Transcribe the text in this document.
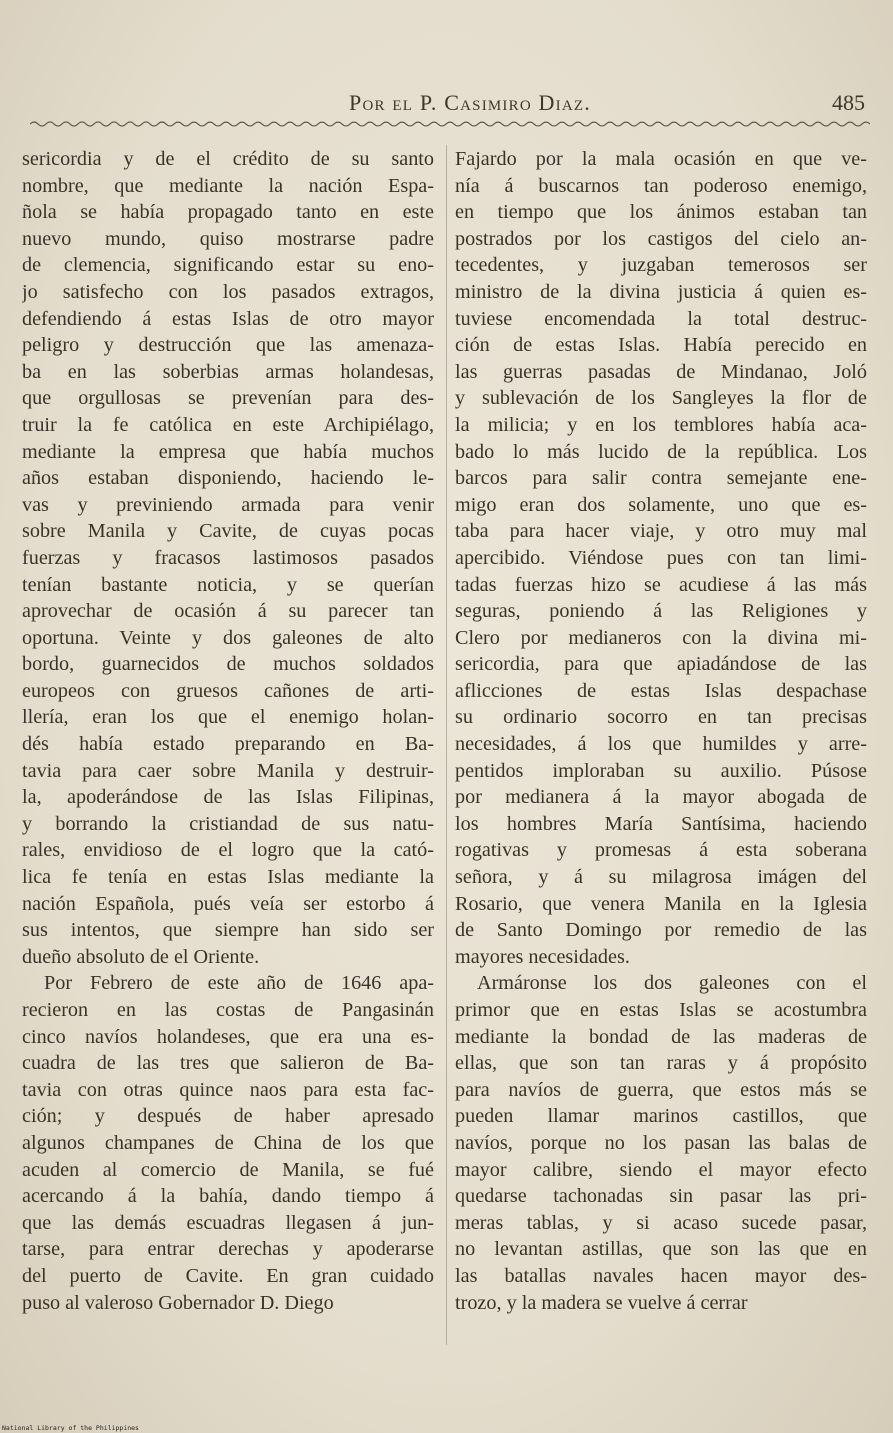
Por el P. Casimiro Diaz.	485
sericordia y de el crédito de su santo
nombre, que mediante la nación Espa-
ñola se había propagado tanto en este
nuevo mundo, quiso mostrarse padre
de clemencia, significando estar su eno-
jo satisfecho con los pasados extragos,
defendiendo á estas Islas de otro mayor
peligro y destrucción que las amenaza-
ba en las soberbias armas holandesas,
que orgullosas se prevenían para des-
truir la fe católica en este Archipiélago,
mediante la empresa que había muchos
años estaban disponiendo, haciendo le-
vas y previniendo armada para venir
sobre Manila y Cavite, de cuyas pocas
fuerzas y fracasos lastimosos pasados
tenían bastante noticia, y se querían
aprovechar de ocasión á su parecer tan
oportuna. Veinte y dos galeones de alto
bordo, guarnecidos de muchos soldados
europeos con gruesos cañones de arti-
llería, eran los que el enemigo holan-
dés había estado preparando en Ba-
tavia para caer sobre Manila y destruir-
la, apoderándose de las Islas Filipinas,
y borrando la cristiandad de sus natu-
rales, envidioso de el logro que la cató-
lica fe tenía en estas Islas mediante la
nación Española, pués veía ser estorbo á
sus intentos, que siempre han sido ser
dueño absoluto de el Oriente.
Por Febrero de este año de 1646 apa-
recieron en las costas de Pangasinán
cinco navíos holandeses, que era una es-
cuadra de las tres que salieron de Ba-
tavia con otras quince naos para esta fac-
ción; y después de haber apresado
algunos champanes de China de los que
acuden al comercio de Manila, se fué
acercando á la bahía, dando tiempo á
que las demás escuadras llegasen á jun-
tarse, para entrar derechas y apoderarse
del puerto de Cavite. En gran cuidado
puso al valeroso Gobernador D. Diego
Fajardo por la mala ocasión en que ve-
nía á buscarnos tan poderoso enemigo,
en tiempo que los ánimos estaban tan
postrados por los castigos del cielo an-
tecedentes, y juzgaban temerosos ser
ministro de la divina justicia á quien es-
tuviese encomendada la total destruc-
ción de estas Islas. Había perecido en
las guerras pasadas de Mindanao, Joló
y sublevación de los Sangleyes la flor de
la milicia; y en los temblores había aca-
bado lo más lucido de la república. Los
barcos para salir contra semejante ene-
migo eran dos solamente, uno que es-
taba para hacer viaje, y otro muy mal
apercibido. Viéndose pues con tan limi-
tadas fuerzas hizo se acudiese á las más
seguras, poniendo á las Religiones y
Clero por medianeros con la divina mi-
sericordia, para que apiadándose de las
aflicciones de estas Islas despachase
su ordinario socorro en tan precisas
necesidades, á los que humildes y arre-
pentidos imploraban su auxilio. Púsose
por medianera á la mayor abogada de
los hombres María Santísima, haciendo
rogativas y promesas á esta soberana
señora, y á su milagrosa imágen del
Rosario, que venera Manila en la Iglesia
de Santo Domingo por remedio de las
mayores necesidades.
Armáronse los dos galeones con el
primor que en estas Islas se acostumbra
mediante la bondad de las maderas de
ellas, que son tan raras y á propósito
para navíos de guerra, que estos más se
pueden llamar marinos castillos, que
navíos, porque no los pasan las balas de
mayor calibre, siendo el mayor efecto
quedarse tachonadas sin pasar las pri-
meras tablas, y si acaso sucede pasar,
no levantan astillas, que son las que en
las batallas navales hacen mayor des-
trozo, y la madera se vuelve á cerrar
National Library of the Philippines
